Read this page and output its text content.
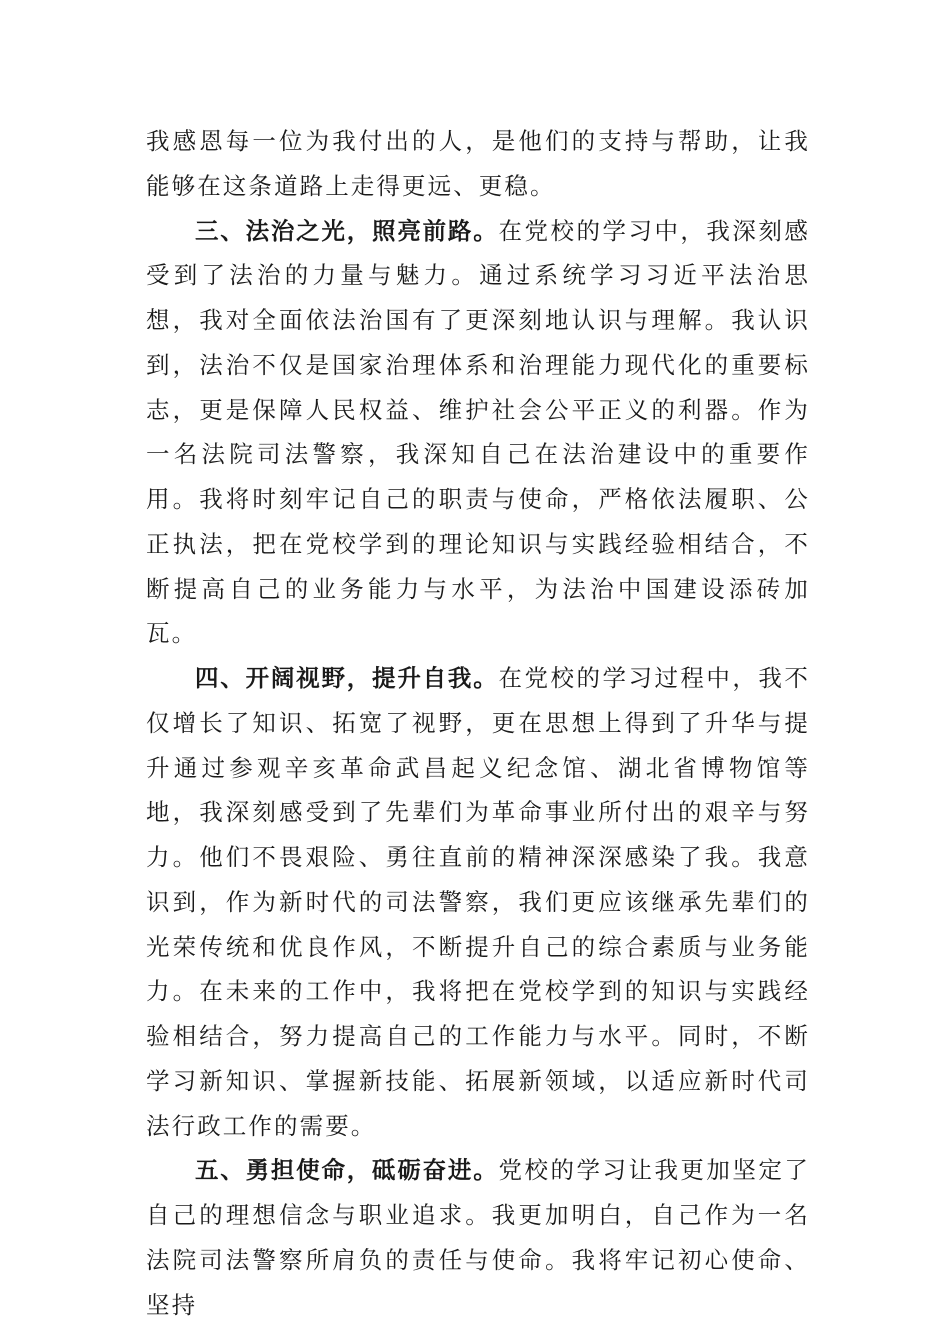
我感恩每一位为我付出的人，是他们的支持与帮助，让我能够在这条道路上走得更远、更稳。

三、法治之光，照亮前路。在党校的学习中，我深刻感受到了法治的力量与魅力。通过系统学习习近平法治思想，我对全面依法治国有了更深刻地认识与理解。我认识到，法治不仅是国家治理体系和治理能力现代化的重要标志，更是保障人民权益、维护社会公平正义的利器。作为一名法院司法警察，我深知自己在法治建设中的重要作用。我将时刻牢记自己的职责与使命，严格依法履职、公正执法，把在党校学到的理论知识与实践经验相结合，不断提高自己的业务能力与水平，为法治中国建设添砖加瓦。

四、开阔视野，提升自我。在党校的学习过程中，我不仅增长了知识、拓宽了视野，更在思想上得到了升华与提升通过参观辛亥革命武昌起义纪念馆、湖北省博物馆等地，我深刻感受到了先辈们为革命事业所付出的艰辛与努力。他们不畏艰险、勇往直前的精神深深感染了我。我意识到，作为新时代的司法警察，我们更应该继承先辈们的光荣传统和优良作风，不断提升自己的综合素质与业务能力。在未来的工作中，我将把在党校学到的知识与实践经验相结合，努力提高自己的工作能力与水平。同时，不断学习新知识、掌握新技能、拓展新领域，以适应新时代司法行政工作的需要。

五、勇担使命，砥砺奋进。党校的学习让我更加坚定了自己的理想信念与职业追求。我更加明白，自己作为一名法院司法警察所肩负的责任与使命。我将牢记初心使命、坚持
